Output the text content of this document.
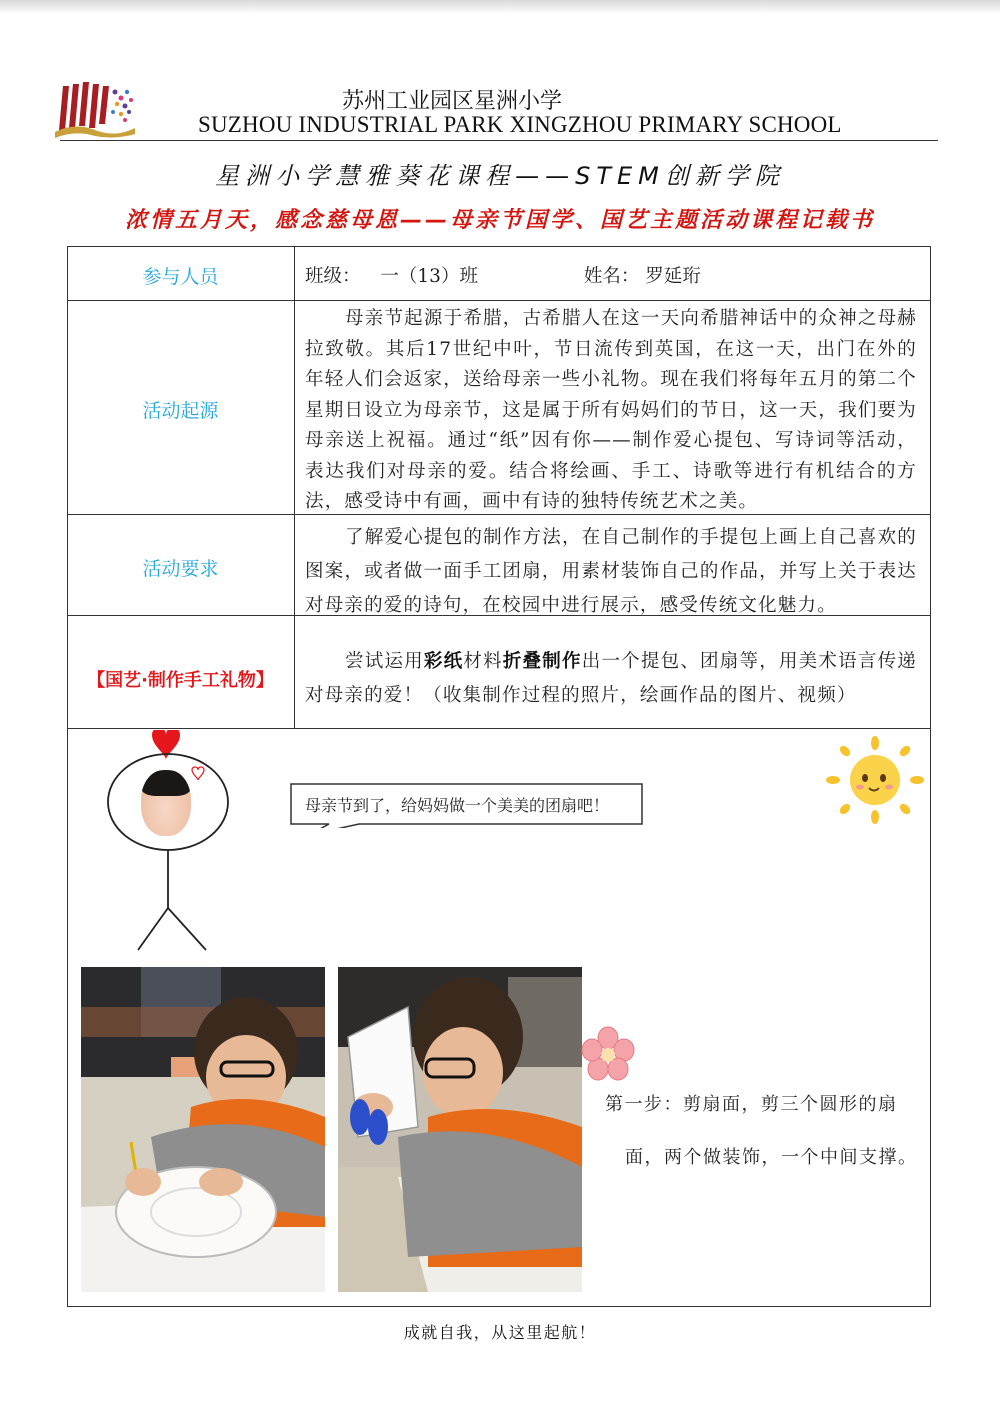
苏州工业园区星洲小学
SUZHOU INDUSTRIAL PARK XINGZHOU PRIMARY SCHOOL
星洲小学慧雅葵花课程——STEM创新学院
浓情五月天，感念慈母恩——母亲节国学、国艺主题活动课程记载书
参与人员	班级： 一（13）班	姓名： 罗延珩
活动起源
母亲节起源于希腊，古希腊人在这一天向希腊神话中的众神之母赫拉致敬。其后17世纪中叶，节日流传到英国，在这一天，出门在外的年轻人们会返家，送给母亲一些小礼物。现在我们将每年五月的第二个星期日设立为母亲节，这是属于所有妈妈们的节日，这一天，我们要为母亲送上祝福。通过“纸”因有你——制作爱心提包、写诗词等活动，表达我们对母亲的爱。结合将绘画、手工、诗歌等进行有机结合的方法，感受诗中有画，画中有诗的独特传统艺术之美。
活动要求
了解爱心提包的制作方法，在自己制作的手提包上画上自己喜欢的图案，或者做一面手工团扇，用素材装饰自己的作品，并写上关于表达对母亲的爱的诗句，在校园中进行展示，感受传统文化魅力。
【国艺·制作手工礼物】
尝试运用彩纸材料折叠制作出一个提包、团扇等，用美术语言传递对母亲的爱！（收集制作过程的照片，绘画作品的图片、视频）
母亲节到了，给妈妈做一个美美的团扇吧！
第一步：剪扇面，剪三个圆形的扇
面，两个做装饰，一个中间支撑。
成就自我，从这里起航！
